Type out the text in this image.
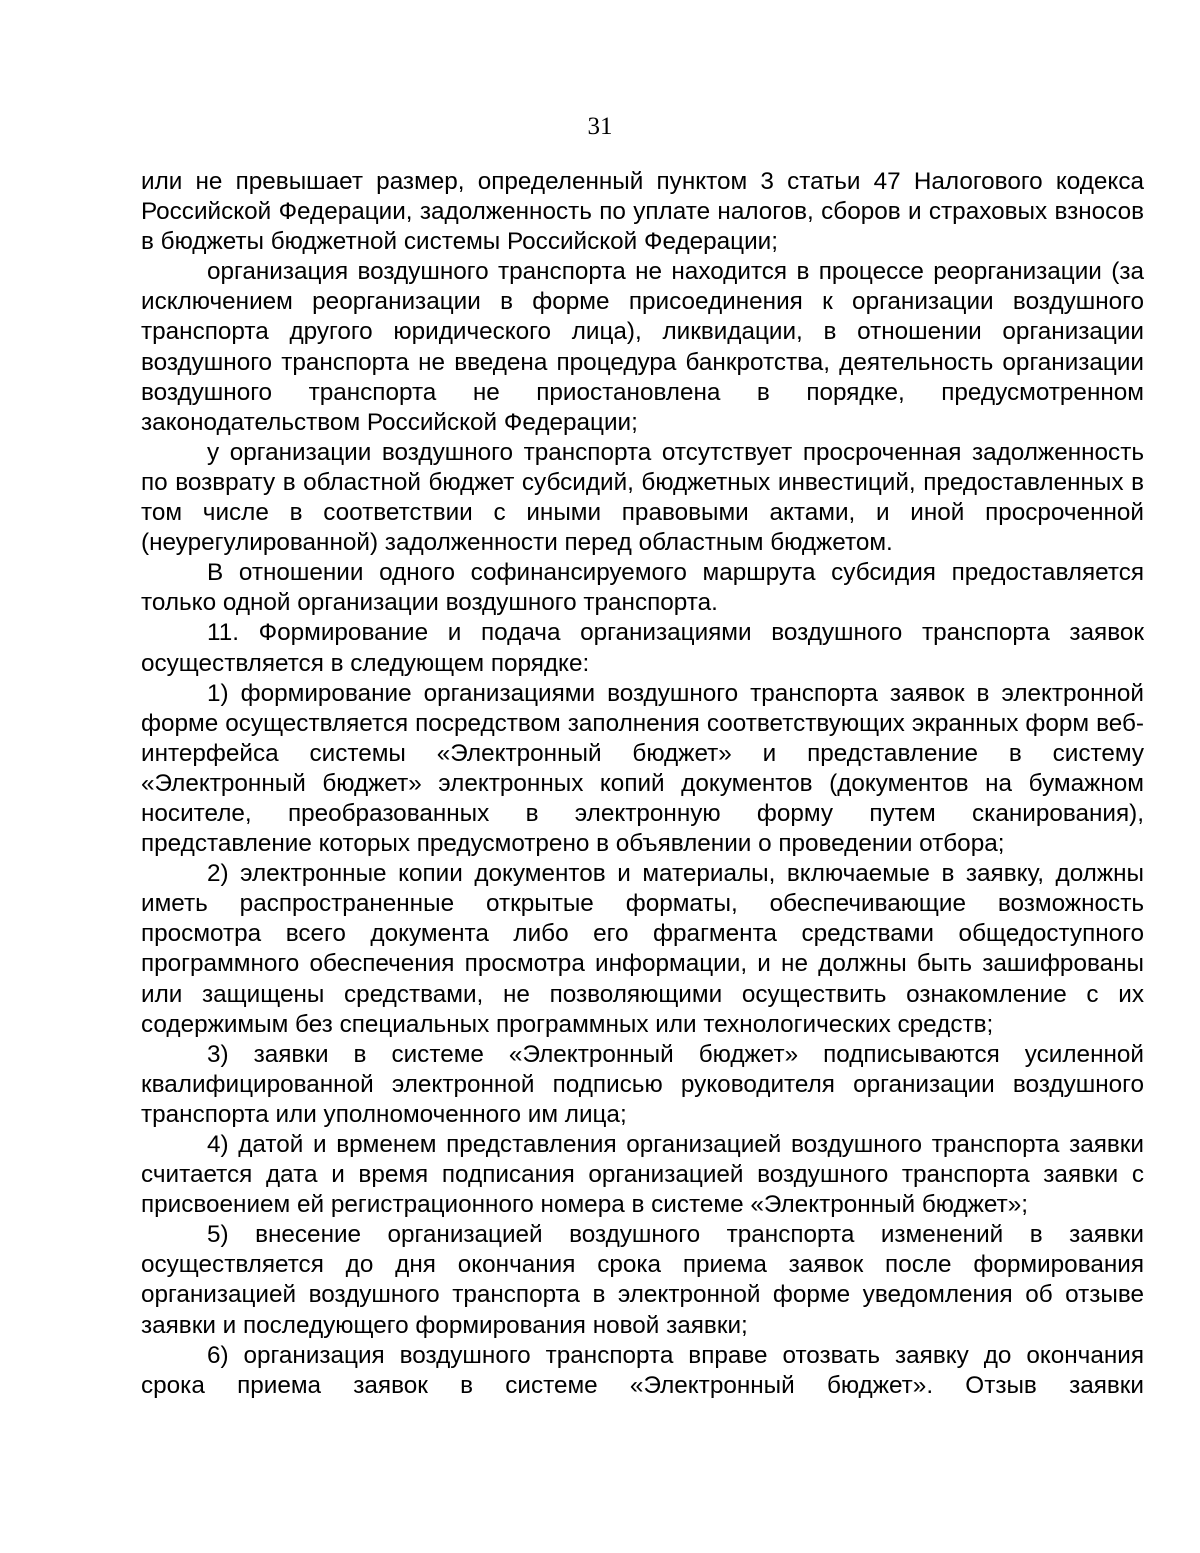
31

или не превышает размер, определенный пунктом 3 статьи 47 Налогового кодекса Российской Федерации, задолженность по уплате налогов, сборов и страховых взносов в бюджеты бюджетной системы Российской Федерации;

организация воздушного транспорта не находится в процессе реорганизации (за исключением реорганизации в форме присоединения к организации воздушного транспорта другого юридического лица), ликвидации, в отношении организации воздушного транспорта не введена процедура банкротства, деятельность организации воздушного транспорта не приостановлена в порядке, предусмотренном законодательством Российской Федерации;

у организации воздушного транспорта отсутствует просроченная задолженность по возврату в областной бюджет субсидий, бюджетных инвестиций, предоставленных в том числе в соответствии с иными правовыми актами, и иной просроченной (неурегулированной) задолженности перед областным бюджетом.

В отношении одного софинансируемого маршрута субсидия предоставляется только одной организации воздушного транспорта.

11. Формирование и подача организациями воздушного транспорта заявок осуществляется в следующем порядке:

1) формирование организациями воздушного транспорта заявок в электронной форме осуществляется посредством заполнения соответствующих экранных форм веб-интерфейса системы «Электронный бюджет» и представление в систему «Электронный бюджет» электронных копий документов (документов на бумажном носителе, преобразованных в электронную форму путем сканирования), представление которых предусмотрено в объявлении о проведении отбора;

2) электронные копии документов и материалы, включаемые в заявку, должны иметь распространенные открытые форматы, обеспечивающие возможность просмотра всего документа либо его фрагмента средствами общедоступного программного обеспечения просмотра информации, и не должны быть зашифрованы или защищены средствами, не позволяющими осуществить ознакомление с их содержимым без специальных программных или технологических средств;

3) заявки в системе «Электронный бюджет» подписываются усиленной квалифицированной электронной подписью руководителя организации воздушного транспорта или уполномоченного им лица;

4) датой и врменем представления организацией воздушного транспорта заявки считается дата и время подписания организацией воздушного транспорта заявки с присвоением ей регистрационного номера в системе «Электронный бюджет»;

5) внесение организацией воздушного транспорта изменений в заявки осуществляется до дня окончания срока приема заявок после формирования организацией воздушного транспорта в электронной форме уведомления об отзыве заявки и последующего формирования новой заявки;

6) организация воздушного транспорта вправе отозвать заявку до окончания срока приема заявок в системе «Электронный бюджет». Отзыв заявки
